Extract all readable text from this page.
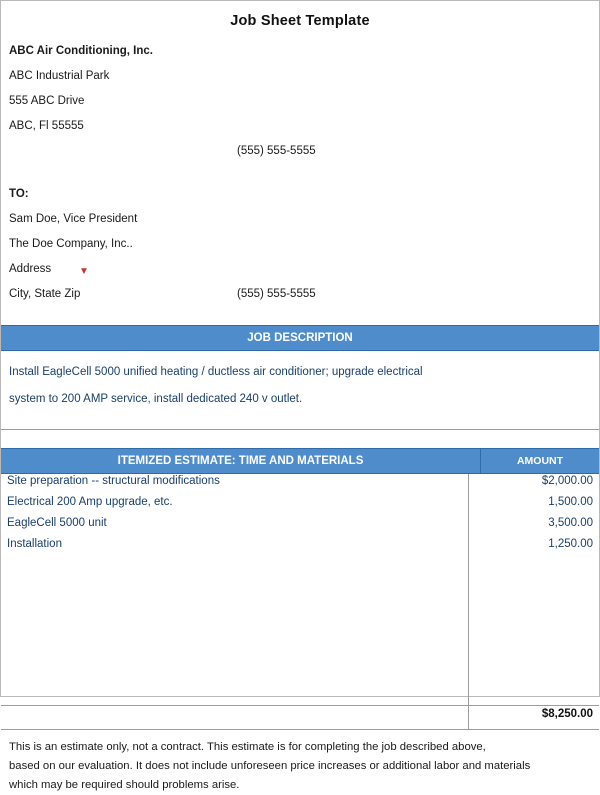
Job Sheet Template
ABC Air Conditioning, Inc.
ABC Industrial Park
555 ABC Drive
ABC, Fl 55555
(555) 555-5555
TO:
Sam Doe, Vice President
The Doe Company, Inc..
Address
City, State Zip	(555) 555-5555
▼
JOB DESCRIPTION

Install EagleCell 5000 unified heating / ductless air conditioner; upgrade electrical

system to 200 AMP service, install dedicated 240 v outlet.

ITEMIZED ESTIMATE: TIME AND MATERIALS	AMOUNT
Site preparation -- structural modifications	$2,000.00
Electrical 200 Amp upgrade, etc.	1,500.00
EagleCell 5000 unit	3,500.00
Installation	1,250.00

	$8,250.00

This is an estimate only, not a contract. This estimate is for completing the job described above,

based on our evaluation. It does not include unforeseen price increases or additional labor and materials

which may be required should problems arise.
